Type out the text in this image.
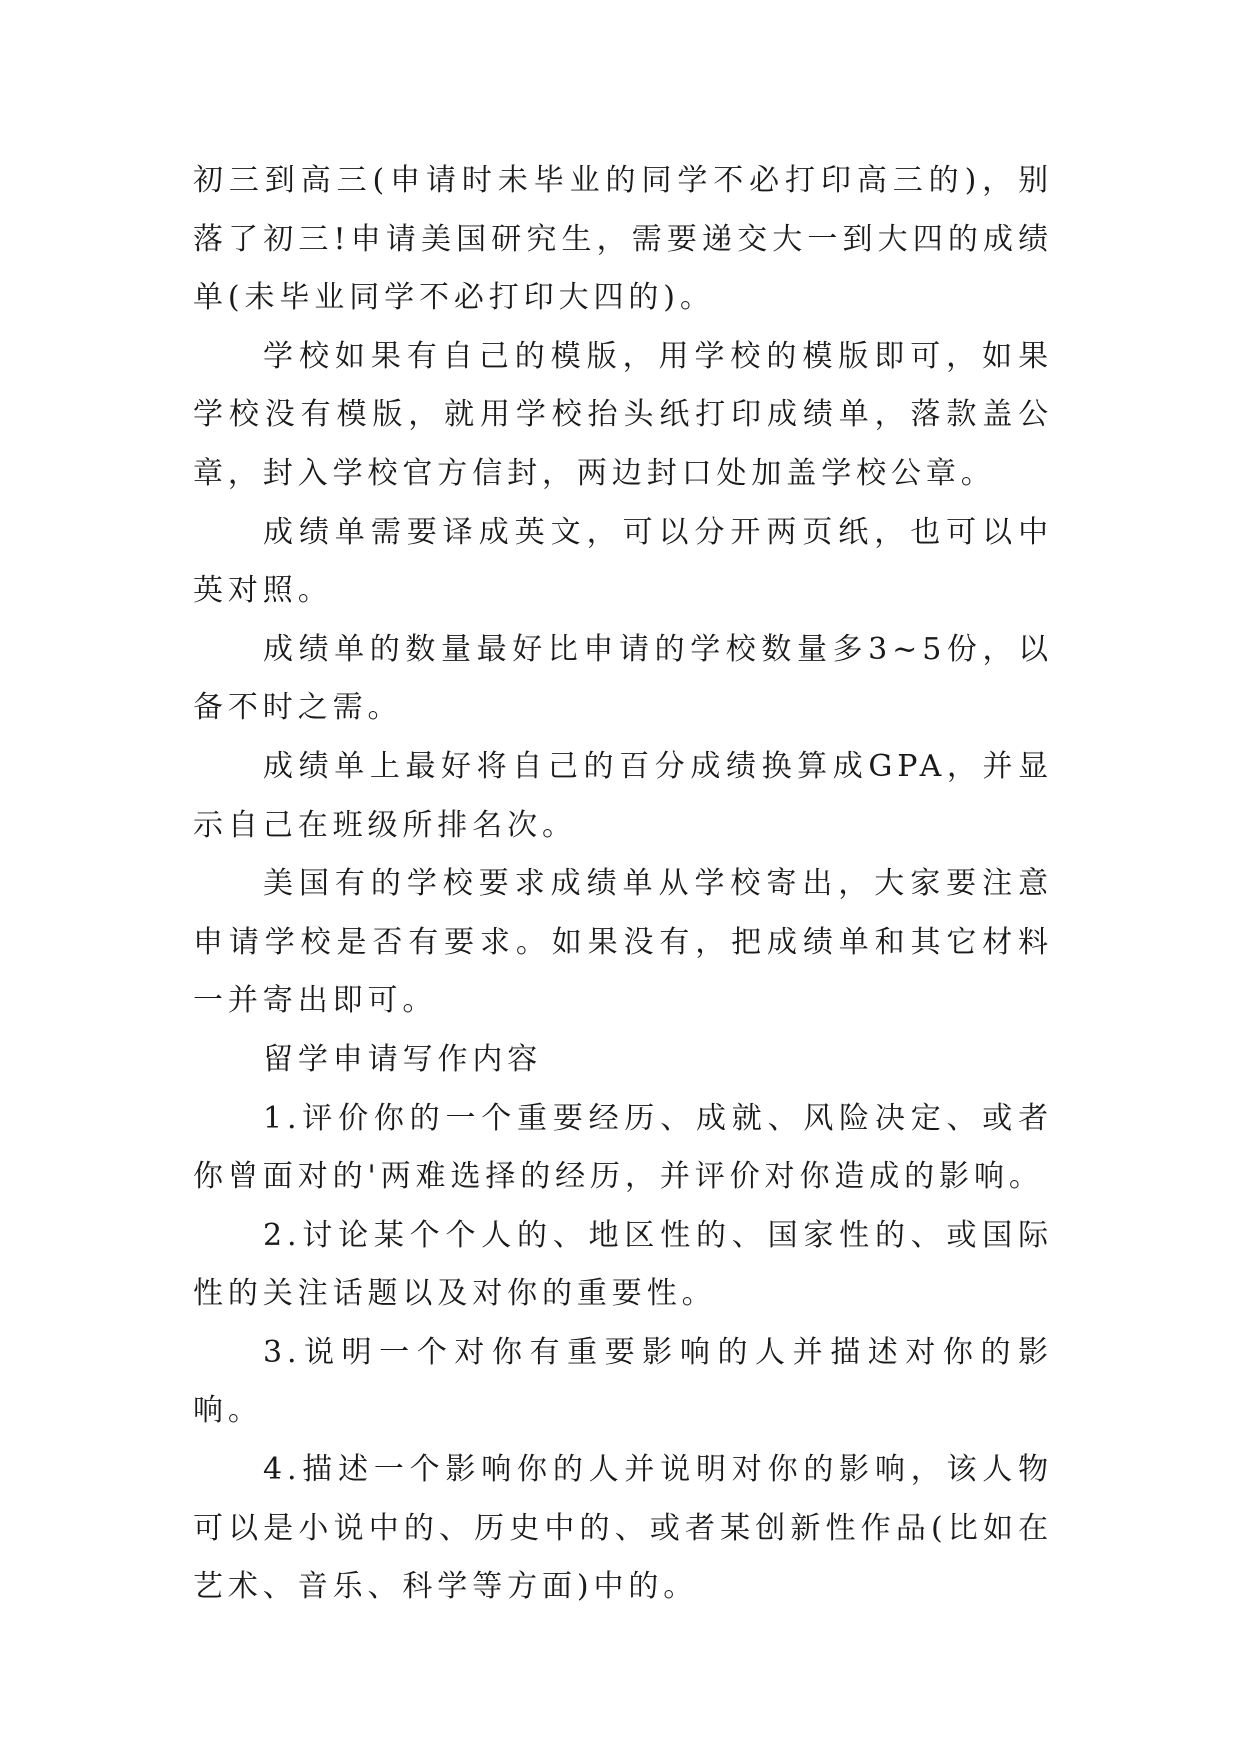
初三到高三(申请时未毕业的同学不必打印高三的)，别落了初三!申请美国研究生，需要递交大一到大四的成绩单(未毕业同学不必打印大四的)。

学校如果有自己的模版，用学校的模版即可，如果学校没有模版，就用学校抬头纸打印成绩单，落款盖公章，封入学校官方信封，两边封口处加盖学校公章。

成绩单需要译成英文，可以分开两页纸，也可以中英对照。

成绩单的数量最好比申请的学校数量多3~5份，以备不时之需。

成绩单上最好将自己的百分成绩换算成GPA，并显示自己在班级所排名次。

美国有的学校要求成绩单从学校寄出，大家要注意申请学校是否有要求。如果没有，把成绩单和其它材料一并寄出即可。

留学申请写作内容

1.评价你的一个重要经历、成就、风险决定、或者你曾面对的'两难选择的经历，并评价对你造成的影响。

2.讨论某个个人的、地区性的、国家性的、或国际性的关注话题以及对你的重要性。

3.说明一个对你有重要影响的人并描述对你的影响。

4.描述一个影响你的人并说明对你的影响，该人物可以是小说中的、历史中的、或者某创新性作品(比如在艺术、音乐、科学等方面)中的。
